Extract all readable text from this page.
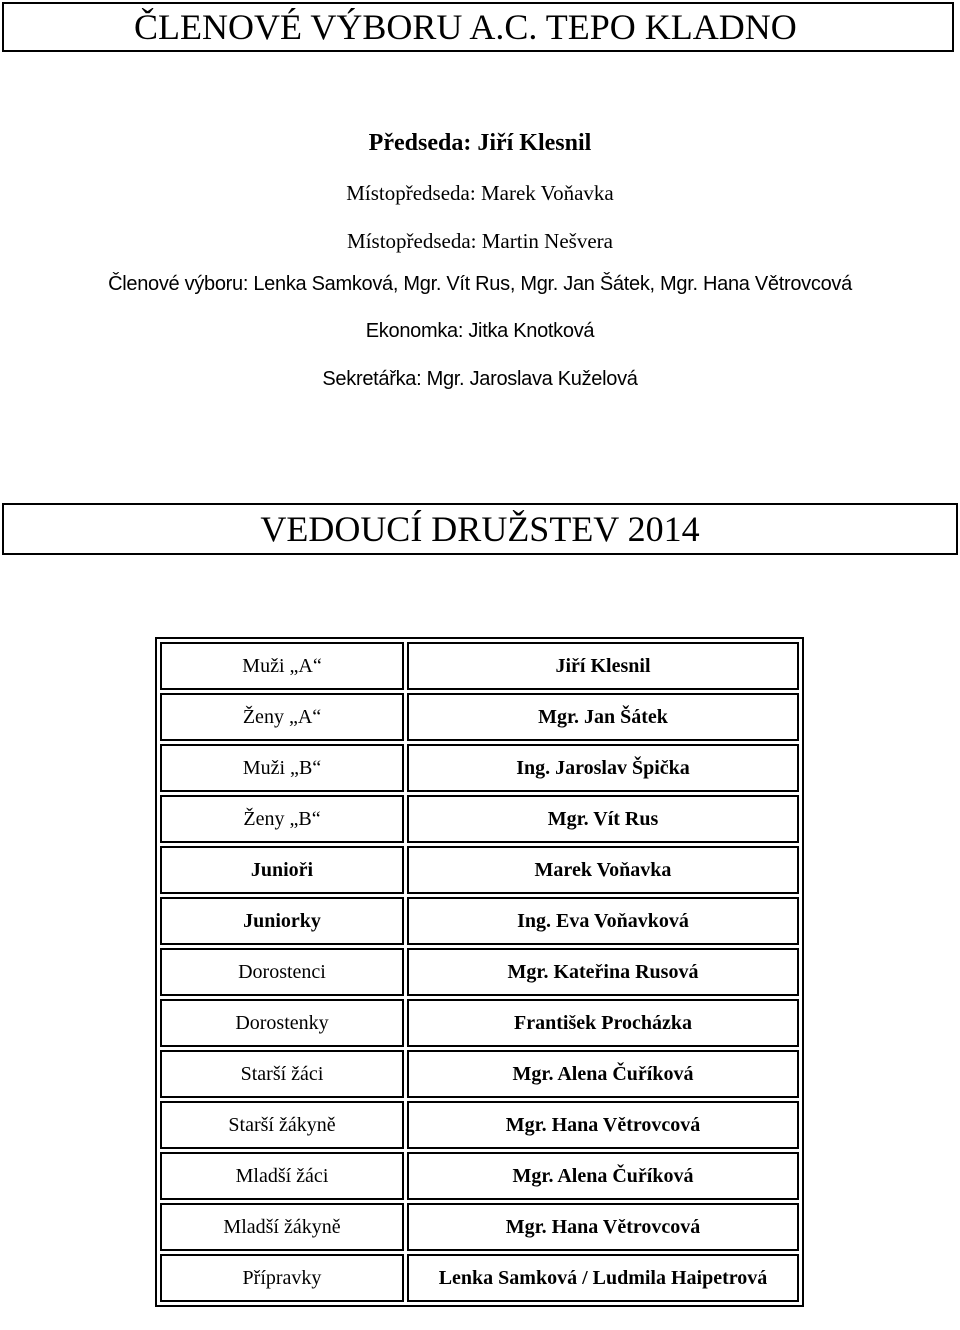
ČLENOVÉ VÝBORU A.C. TEPO KLADNO
Předseda: Jiří Klesnil
Místopředseda: Marek Voňavka
Místopředseda: Martin Nešvera
Členové výboru: Lenka Samková, Mgr. Vít Rus, Mgr. Jan Šátek, Mgr. Hana Větrovcová
Ekonomka: Jitka Knotková
Sekretářka: Mgr. Jaroslava Kuželová
VEDOUCÍ DRUŽSTEV 2014
Muži „A“	Jiří Klesnil
Ženy „A“	Mgr. Jan Šátek
Muži „B“	Ing. Jaroslav Špička
Ženy „B“	Mgr. Vít Rus
Junioři	Marek Voňavka
Juniorky	Ing. Eva Voňavková
Dorostenci	Mgr. Kateřina Rusová
Dorostenky	František Procházka
Starší žáci	Mgr. Alena Čuříková
Starší žákyně	Mgr. Hana Větrovcová
Mladší žáci	Mgr. Alena Čuříková
Mladší žákyně	Mgr. Hana Větrovcová
Přípravky	Lenka Samková / Ludmila Haipetrová
